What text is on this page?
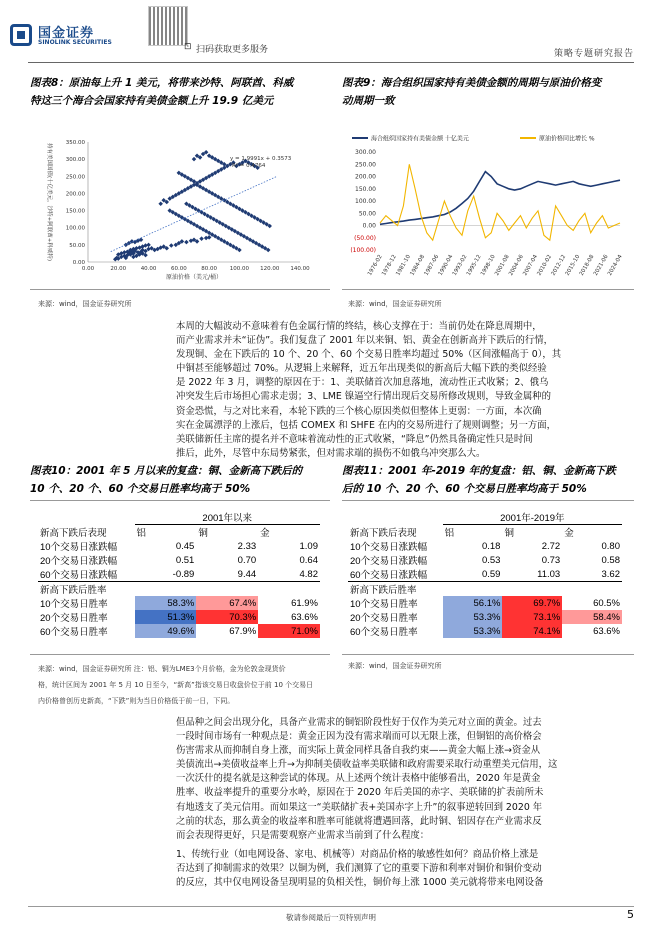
国金证券
SINOLINK SECURITIES	⊡ 扫码获取更多服务	策略专题研究报告
图表8：原油每上升 1 美元，将带来沙特、阿联酋、科威
特这三个海合会国家持有美债金额上升 19.9 亿美元
0.00
50.00
100.00
150.00
200.00
250.00
300.00
350.00
0.00	20.00	40.00	60.00	80.00 100.00 120.00 140.00
原油价格（美元/桶）
持有美国国债(十亿美元，沙特+阿联酋+科威特)	y = 1.9991x + 0.3573
R² = 0.4764
来源：wind，国金证券研究所
图表9：海合组织国家持有美债金额的周期与原油价格变
动周期一致
海合组织国家持有美债金额 十亿美元	原油价格同比增长 %
300.00
250.00
200.00
150.00
100.00
50.00
0.00
(50.00)
(100.00)
1976-02
1978-12
1981-10
1984-08
1987-06
1990-04
1993-02
1995-12
1998-10
2001-08
2004-06
2007-04
2010-02
2012-12
2015-10
2018-08
2021-06
2024-04
来源：wind，国金证券研究所

本周的大幅波动不意味着有色金属行情的终结，核心支撑在于：当前仍处在降息周期中，

而产业需求并未“证伪”。我们复盘了 2001 年以来铜、铝、黄金在创新高并下跌后的行情，

发现铜、金在下跌后的 10 个、20 个、60 个交易日胜率均超过 50%（区间涨幅高于 0），其

中铜甚至能够超过 70%。从逻辑上来解释，近五年出现类似的新高后大幅下跌的类似经验

是 2022 年 3 月，调整的原因在于：1、美联储首次加息落地，流动性正式收紧；2、俄乌

冲突发生后市场担心需求走弱；3、LME 镍逼空行情出现后交易所修改规则，导致金属种的

资金恐慌，与之对比来看，本轮下跌的三个核心原因类似但整体上更弱：一方面，本次确

实在金属漂浮的上涨后，包括 COMEX 和 SHFE 在内的交易所进行了规则调整；另一方面，

美联储新任主席的提名并不意味着流动性的正式收紧，“降息”仍然具备确定性只是时间

推后，此外，尽管中东局势紧张，但对需求端的损伤不如俄乌冲突那么大。

图表10：2001 年 5 月以来的复盘：铜、金新高下跌后的
10 个、20 个、60 个交易日胜率均高于 50%
	2001年以来					
新高下跌后表现	铝		铜		金	
10个交易日涨跌幅		0.45		2.33		1.09
20个交易日涨跌幅		0.51		0.70		0.64
60个交易日涨跌幅		-0.89		9.44		4.82
新高下跌后胜率						
10个交易日胜率		58.3%		67.4%		61.9%
20个交易日胜率		51.3%		70.3%		63.6%
60个交易日胜率		49.6%		67.9%		71.0%
来源：wind，国金证券研究所 注：铝、铜为LME3个月价格，金为伦敦金现货价
格，统计区间为 2001 年 5 月 10 日至今，“新高”指该交易日收盘价位于前 10 个交易日
内价格曾创历史新高，“下跌”则为当日价格低于前一日，下同。
图表11：2001 年-2019 年的复盘：铝、铜、金新高下跌
后的 10 个、20 个、60 个交易日胜率均高于 50%
	2001年-2019年					
新高下跌后表现	铝		铜		金	
10个交易日涨跌幅		0.18		2.72		0.80
20个交易日涨跌幅		0.53		0.73		0.58
60个交易日涨跌幅		0.59		11.03		3.62
新高下跌后胜率						
10个交易日胜率		56.1%		69.7%		60.5%
20个交易日胜率		53.3%		73.1%		58.4%
60个交易日胜率		53.3%		74.1%		63.6%
来源：wind，国金证券研究所

但品种之间会出现分化，具备产业需求的铜铝阶段性好于仅作为美元对立面的黄金。过去

一段时间市场有一种观点是：黄金正因为没有需求端而可以无限上涨，但铜铝的高价格会

伤害需求从而抑制自身上涨，而实际上黄金同样具备自我约束——黄金大幅上涨→资金从

美债流出→美债收益率上升→为抑制美债收益率美联储和政府需要采取行动重塑美元信用，这

一次沃什的提名就是这种尝试的体现。从上述两个统计表格中能够看出，2020 年是黄金

胜率、收益率提升的重要分水岭，原因在于 2020 年后美国的赤字、美联储的扩表前所未

有地透支了美元信用。而如果这一“美联储扩表+美国赤字上升”的叙事逆转回到 2020 年

之前的状态，那么黄金的收益率和胜率可能就将遭遇回落，此时铜、铝因存在产业需求反

而会表现得更好，只是需要观察产业需求当前到了什么程度：

1、传统行业（如电网设备、家电、机械等）对商品价格的敏感性如何？商品价格上涨是

否达到了抑制需求的效果？以铜为例，我们测算了它的重要下游和利率对铜价和铜价变动

的反应，其中仅电网设备呈现明显的负相关性，铜价每上涨 1000 美元就将带来电网设备

敬请参阅最后一页特别声明	5
